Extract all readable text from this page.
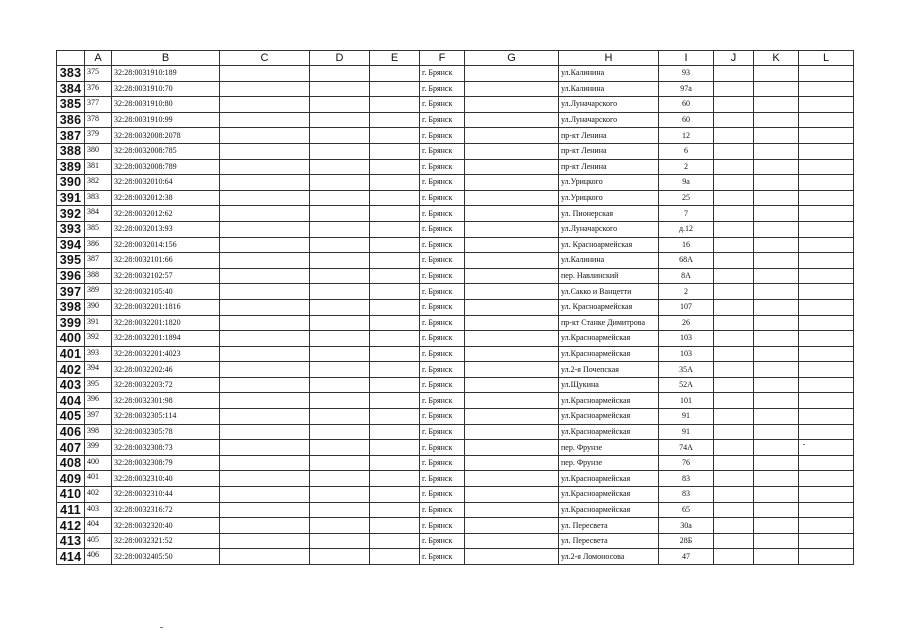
	A	B	C	D	E	F	G	H	I	J	K	L
383	375	32:28:0031910:189				г. Брянск		ул.Калинина	93			
384	376	32:28:0031910:70				г. Брянск		ул.Калинина	97а			
385	377	32:28:0031910:80				г. Брянск		ул.Луначарского	60			
386	378	32:28:0031910:99				г. Брянск		ул.Луначарского	60			
387	379	32:28:0032008:2078				г. Брянск		пр-кт Ленина	12			
388	380	32:28:0032008:785				г. Брянск		пр-кт Ленина	6			
389	381	32:28:0032008:789				г. Брянск		пр-кт Ленина	2			
390	382	32:28:0032010:64				г. Брянск		ул.Урицкого	9а			
391	383	32:28:0032012:38				г. Брянск		ул.Урицкого	25			
392	384	32:28:0032012:62				г. Брянск		ул. Пионерская	7			
393	385	32:28:0032013:93				г. Брянск		ул.Луначарского	д.12			
394	386	32:28:0032014:156				г. Брянск		ул. Красноармейская	16			
395	387	32:28:0032101:66				г. Брянск		ул.Калинина	68А			
396	388	32:28:0032102:57				г. Брянск		пер. Навлинский	8А			
397	389	32:28:0032105:40				г. Брянск		ул.Сакко и Ванцетти	2			
398	390	32:28:0032201:1816				г. Брянск		ул. Красноармейская	107			
399	391	32:28:0032201:1820				г. Брянск		пр-кт Станке Димитрова	26			
400	392	32:28:0032201:1894				г. Брянск		ул.Красноармейская	103			
401	393	32:28:0032201:4023				г. Брянск		ул.Красноармейская	103			
402	394	32:28:0032202:46				г. Брянск		ул.2-я Почепская	35А			
403	395	32:28:0032203:72				г. Брянск		ул.Щукина	52А			
404	396	32:28:0032301:98				г. Брянск		ул.Красноармейская	101			
405	397	32:28:0032305:114				г. Брянск		ул.Красноармейская	91			
406	398	32:28:0032305:78				г. Брянск		ул.Красноармейская	91			
407	399	32:28:0032308:73				г. Брянск		пер. Фрунзе	74А			
408	400	32:28:0032308:79				г. Брянск		пер. Фрунзе	76			
409	401	32:28:0032310:40				г. Брянск		ул.Красноармейская	83			
410	402	32:28:0032310:44				г. Брянск		ул.Красноармейская	83			
411	403	32:28:0032316:72				г. Брянск		ул.Красноармейская	65			
412	404	32:28:0032320:40				г. Брянск		ул. Пересвета	30а			
413	405	32:28:0032321:52				г. Брянск		ул. Пересвета	28Б			
414	406	32:28:0032405:50				г. Брянск		ул.2-я Ломоносова	47			
